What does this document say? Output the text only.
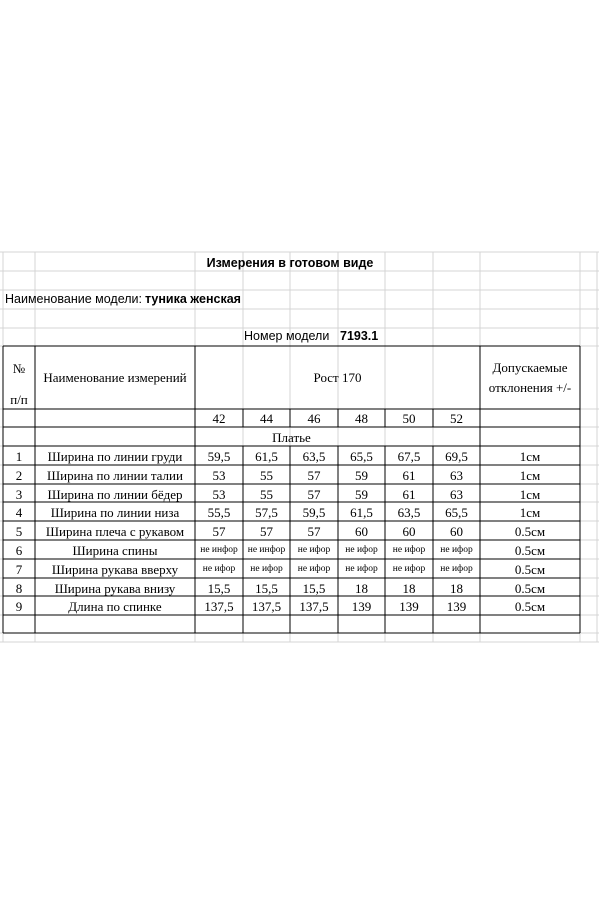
Измерения в готовом виде
Наименование модели: туника женская
Номер модели 7193.1
№
п/п
Наименование измерений	Рост 170
Допускаемые
отклонения +/-
Платье
42	44	46	48	50	52
1	Ширина по линии груди	59,5	61,5	63,5	65,5	67,5	69,5	1см
2	Ширина по линии талии	53	55	57	59	61	63	1см
3	Ширина по линии бёдер	53	55	57	59	61	63	1см
4	Ширина по линии низа	55,5	57,5	59,5	61,5	63,5	65,5	1см
5	Ширина плеча с рукавом	57	57	57	60	60	60	0.5см
6	Ширина спины	не инфор	не инфор	не ифор	не ифор	не ифор	не ифор	0.5см
7	Ширина рукава вверху	не ифор	не ифор	не ифор	не ифор	не ифор	не ифор	0.5см
8	Ширина рукава внизу	15,5	15,5	15,5	18	18	18	0.5см
9	Длина по спинке	137,5	137,5	137,5	139	139	139	0.5см
